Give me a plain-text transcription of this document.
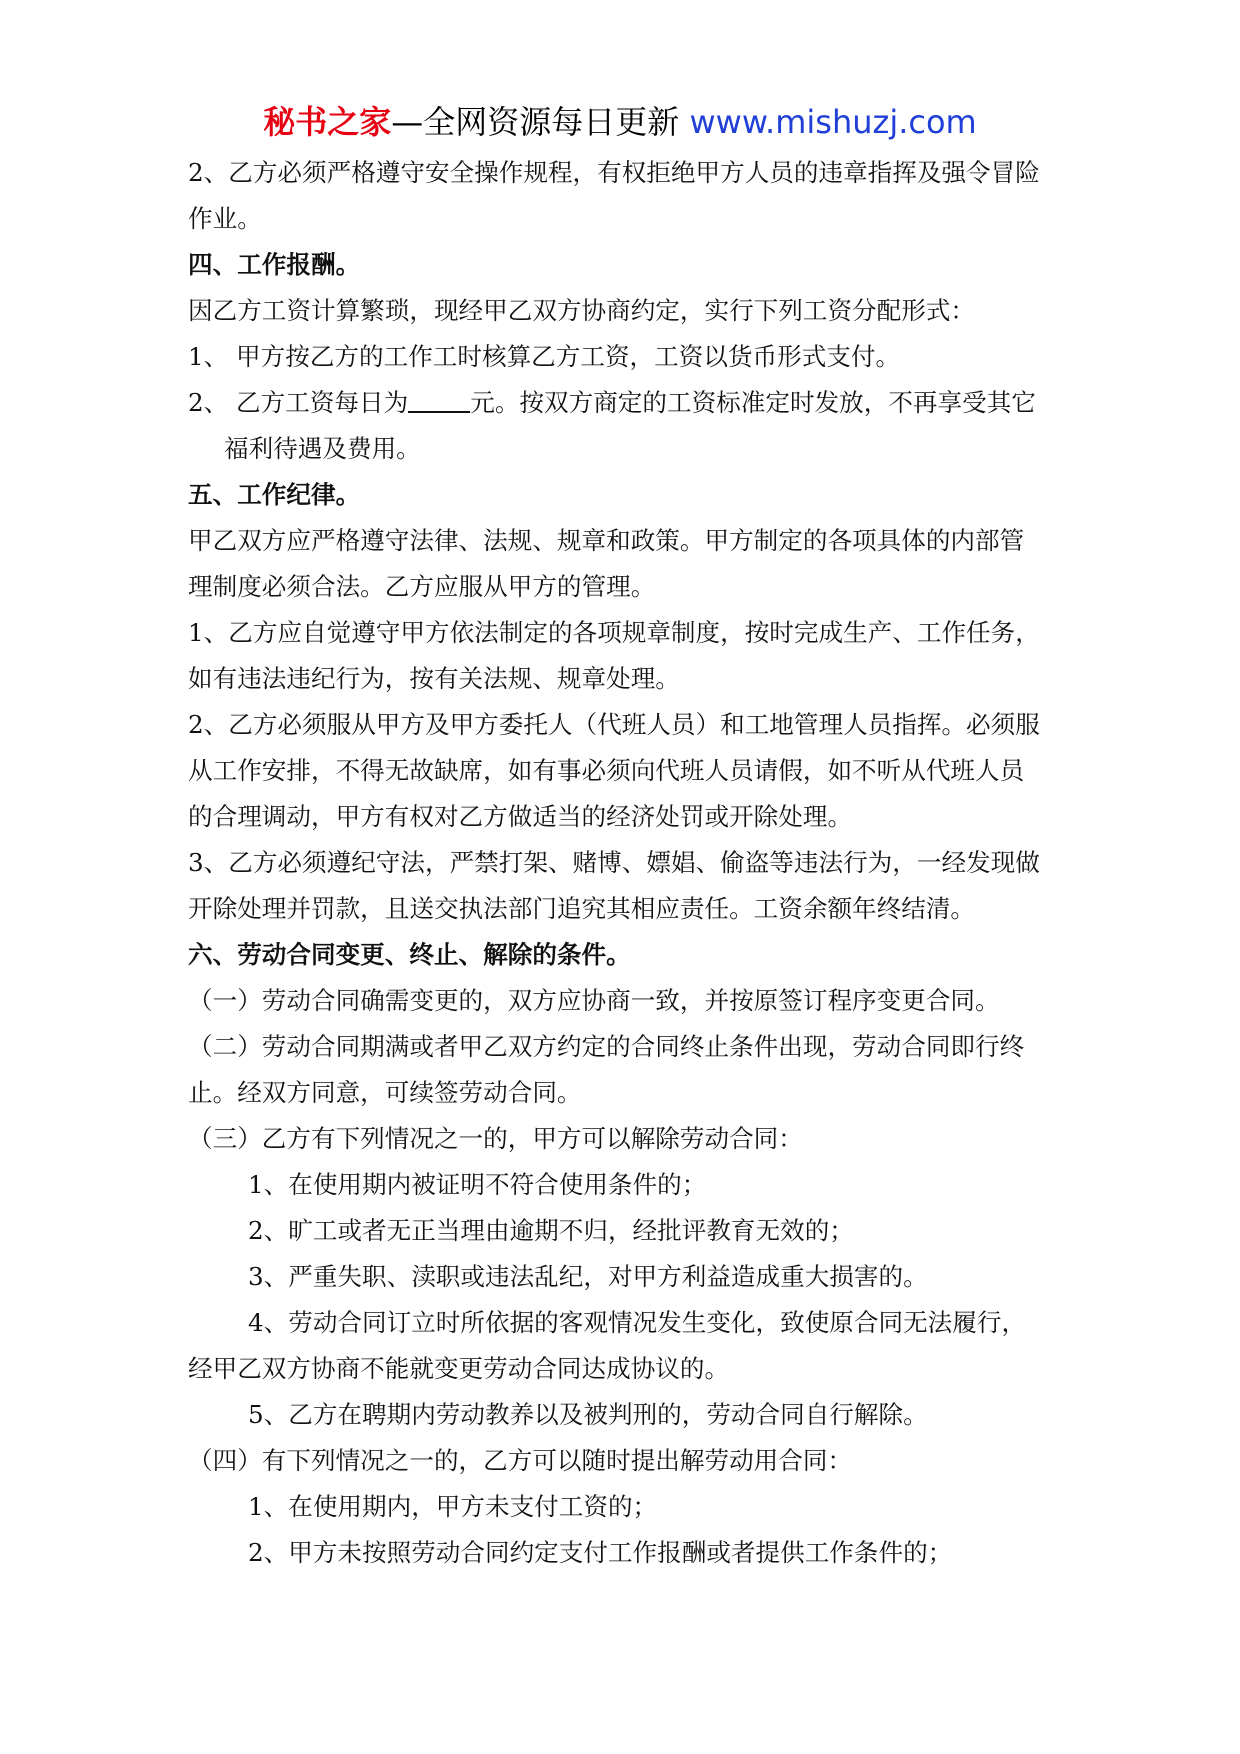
秘书之家—全网资源每日更新 www.mishuzj.com
2、乙方必须严格遵守安全操作规程，有权拒绝甲方人员的违章指挥及强令冒险
作业。
四、工作报酬。
因乙方工资计算繁琐，现经甲乙双方协商约定，实行下列工资分配形式：
1、 甲方按乙方的工作工时核算乙方工资，工资以货币形式支付。
2、 乙方工资每日为	元。按双方商定的工资标准定时发放，不再享受其它
福利待遇及费用。
五、工作纪律。
甲乙双方应严格遵守法律、法规、规章和政策。甲方制定的各项具体的内部管
理制度必须合法。乙方应服从甲方的管理。
1、乙方应自觉遵守甲方依法制定的各项规章制度，按时完成生产、工作任务，
如有违法违纪行为，按有关法规、规章处理。
2、乙方必须服从甲方及甲方委托人（代班人员）和工地管理人员指挥。必须服
从工作安排，不得无故缺席，如有事必须向代班人员请假，如不听从代班人员
的合理调动，甲方有权对乙方做适当的经济处罚或开除处理。
3、乙方必须遵纪守法，严禁打架、赌博、嫖娼、偷盗等违法行为，一经发现做
开除处理并罚款，且送交执法部门追究其相应责任。工资余额年终结清。
六、劳动合同变更、终止、解除的条件。
（一）劳动合同确需变更的，双方应协商一致，并按原签订程序变更合同。
（二）劳动合同期满或者甲乙双方约定的合同终止条件出现，劳动合同即行终
止。经双方同意，可续签劳动合同。
（三）乙方有下列情况之一的，甲方可以解除劳动合同：
1、在使用期内被证明不符合使用条件的；
2、旷工或者无正当理由逾期不归，经批评教育无效的；
3、严重失职、渎职或违法乱纪，对甲方利益造成重大损害的。
4、劳动合同订立时所依据的客观情况发生变化，致使原合同无法履行，
经甲乙双方协商不能就变更劳动合同达成协议的。
5、乙方在聘期内劳动教养以及被判刑的，劳动合同自行解除。
（四）有下列情况之一的，乙方可以随时提出解劳动用合同：
1、在使用期内，甲方未支付工资的；
2、甲方未按照劳动合同约定支付工作报酬或者提供工作条件的；
